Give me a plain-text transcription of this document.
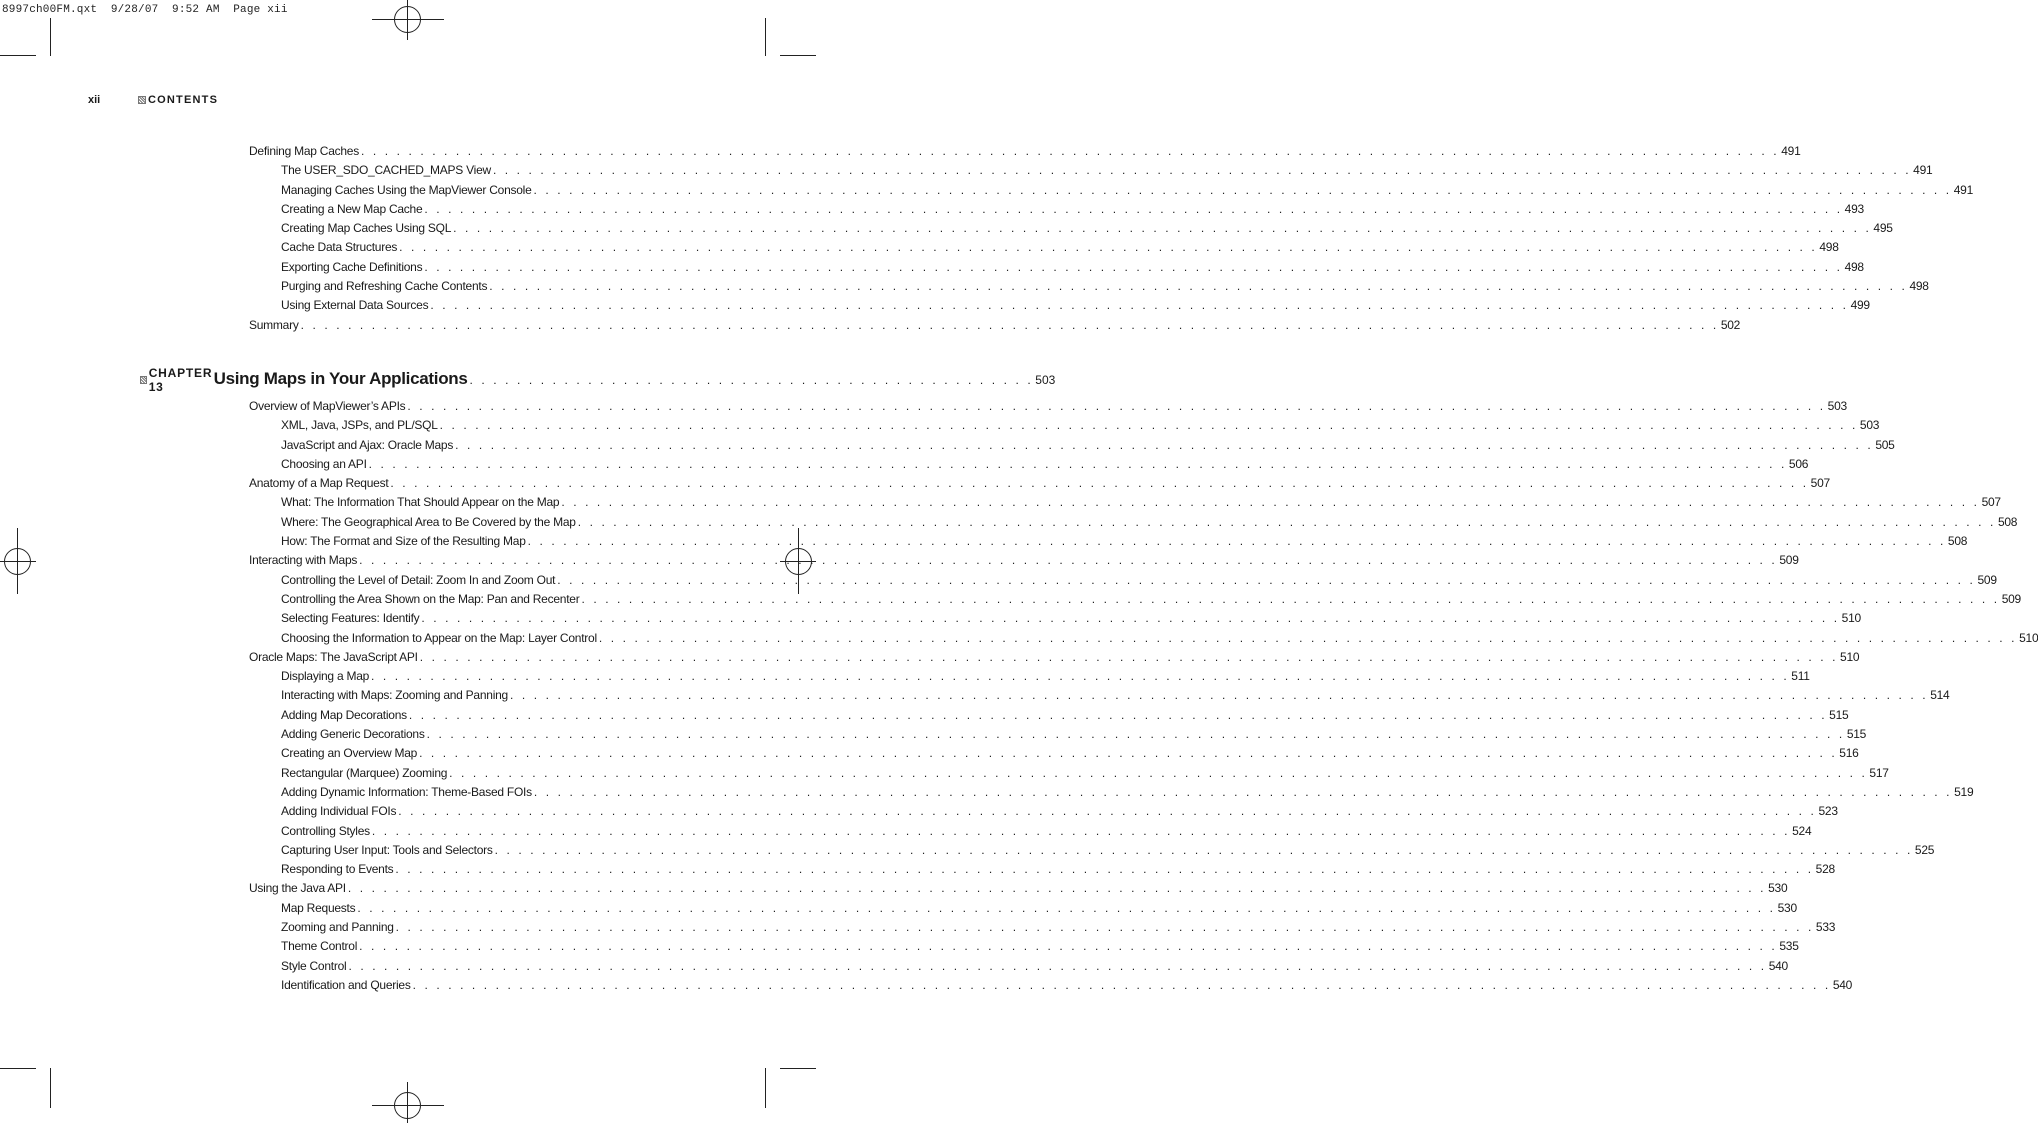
8997ch00FM.qxt  9/28/07  9:52 AM  Page xii
xii	CONTENTS
Defining Map Caches . . . . . . . . . . . . . . . . . . . . . . . . . . . . . . . . . . . . . . . . . . . . . . . . . . . . . . . . . . . . . . . . . . . . . . . . . . . . . . . . . . . . . . . . . . . . . . . . . . . . . . . . . . . . . . . . . . . . . . . . 491
The USER_SDO_CACHED_MAPS View . . . . . . . . . . . . . . . . . . . . . . . . . . . . . . . . . . . . . . . . . . . . . . . . . . . . . . . . . . . . . . . . . . . . . . . . . . . . . . . . . . . . . . . . . . . . . . . . . . . . . . . . . . . . . . . . . . . . . . . . 491
Managing Caches Using the MapViewer Console . . . . . . . . . . . . . . . . . . . . . . . . . . . . . . . . . . . . . . . . . . . . . . . . . . . . . . . . . . . . . . . . . . . . . . . . . . . . . . . . . . . . . . . . . . . . . . . . . . . . . . . . . . . . . . . . . . . . . . . . 491
Creating a New Map Cache . . . . . . . . . . . . . . . . . . . . . . . . . . . . . . . . . . . . . . . . . . . . . . . . . . . . . . . . . . . . . . . . . . . . . . . . . . . . . . . . . . . . . . . . . . . . . . . . . . . . . . . . . . . . . . . . . . . . . . . . 493
Creating Map Caches Using SQL . . . . . . . . . . . . . . . . . . . . . . . . . . . . . . . . . . . . . . . . . . . . . . . . . . . . . . . . . . . . . . . . . . . . . . . . . . . . . . . . . . . . . . . . . . . . . . . . . . . . . . . . . . . . . . . . . . . . . . . . 495
Cache Data Structures . . . . . . . . . . . . . . . . . . . . . . . . . . . . . . . . . . . . . . . . . . . . . . . . . . . . . . . . . . . . . . . . . . . . . . . . . . . . . . . . . . . . . . . . . . . . . . . . . . . . . . . . . . . . . . . . . . . . . . . . 498
Exporting Cache Definitions . . . . . . . . . . . . . . . . . . . . . . . . . . . . . . . . . . . . . . . . . . . . . . . . . . . . . . . . . . . . . . . . . . . . . . . . . . . . . . . . . . . . . . . . . . . . . . . . . . . . . . . . . . . . . . . . . . . . . . . . 498
Purging and Refreshing Cache Contents . . . . . . . . . . . . . . . . . . . . . . . . . . . . . . . . . . . . . . . . . . . . . . . . . . . . . . . . . . . . . . . . . . . . . . . . . . . . . . . . . . . . . . . . . . . . . . . . . . . . . . . . . . . . . . . . . . . . . . . . 498
Using External Data Sources . . . . . . . . . . . . . . . . . . . . . . . . . . . . . . . . . . . . . . . . . . . . . . . . . . . . . . . . . . . . . . . . . . . . . . . . . . . . . . . . . . . . . . . . . . . . . . . . . . . . . . . . . . . . . . . . . . . . . . . . 499
Summary . . . . . . . . . . . . . . . . . . . . . . . . . . . . . . . . . . . . . . . . . . . . . . . . . . . . . . . . . . . . . . . . . . . . . . . . . . . . . . . . . . . . . . . . . . . . . . . . . . . . . . . . . . . . . . . . . . . . . . . . 502
CHAPTER 13	Using Maps in Your Applications . . . . . . . . . . . . . . . . . . . . . . . . . . . . . . . . . . . . . . . . . . . . . . . . 503
Overview of MapViewer’s APIs . . . . . . . . . . . . . . . . . . . . . . . . . . . . . . . . . . . . . . . . . . . . . . . . . . . . . . . . . . . . . . . . . . . . . . . . . . . . . . . . . . . . . . . . . . . . . . . . . . . . . . . . . . . . . . . . . . . . . . . . 503
XML, Java, JSPs, and PL/SQL . . . . . . . . . . . . . . . . . . . . . . . . . . . . . . . . . . . . . . . . . . . . . . . . . . . . . . . . . . . . . . . . . . . . . . . . . . . . . . . . . . . . . . . . . . . . . . . . . . . . . . . . . . . . . . . . . . . . . . . . 503
JavaScript and Ajax: Oracle Maps . . . . . . . . . . . . . . . . . . . . . . . . . . . . . . . . . . . . . . . . . . . . . . . . . . . . . . . . . . . . . . . . . . . . . . . . . . . . . . . . . . . . . . . . . . . . . . . . . . . . . . . . . . . . . . . . . . . . . . . . 505
Choosing an API . . . . . . . . . . . . . . . . . . . . . . . . . . . . . . . . . . . . . . . . . . . . . . . . . . . . . . . . . . . . . . . . . . . . . . . . . . . . . . . . . . . . . . . . . . . . . . . . . . . . . . . . . . . . . . . . . . . . . . . . 506
Anatomy of a Map Request . . . . . . . . . . . . . . . . . . . . . . . . . . . . . . . . . . . . . . . . . . . . . . . . . . . . . . . . . . . . . . . . . . . . . . . . . . . . . . . . . . . . . . . . . . . . . . . . . . . . . . . . . . . . . . . . . . . . . . . . 507
What: The Information That Should Appear on the Map . . . . . . . . . . . . . . . . . . . . . . . . . . . . . . . . . . . . . . . . . . . . . . . . . . . . . . . . . . . . . . . . . . . . . . . . . . . . . . . . . . . . . . . . . . . . . . . . . . . . . . . . . . . . . . . . . . . . . . . . 507
Where: The Geographical Area to Be Covered by the Map . . . . . . . . . . . . . . . . . . . . . . . . . . . . . . . . . . . . . . . . . . . . . . . . . . . . . . . . . . . . . . . . . . . . . . . . . . . . . . . . . . . . . . . . . . . . . . . . . . . . . . . . . . . . . . . . . . . . . . . . 508
How: The Format and Size of the Resulting Map . . . . . . . . . . . . . . . . . . . . . . . . . . . . . . . . . . . . . . . . . . . . . . . . . . . . . . . . . . . . . . . . . . . . . . . . . . . . . . . . . . . . . . . . . . . . . . . . . . . . . . . . . . . . . . . . . . . . . . . . 508
Interacting with Maps . . . . . . . . . . . . . . . . . . . . . . . . . . . . . . . . . . . . . . . . . . . . . . . . . . . . . . . . . . . . . . . . . . . . . . . . . . . . . . . . . . . . . . . . . . . . . . . . . . . . . . . . . . . . . . . . . . . . . . . . 509
Controlling the Level of Detail: Zoom In and Zoom Out . . . . . . . . . . . . . . . . . . . . . . . . . . . . . . . . . . . . . . . . . . . . . . . . . . . . . . . . . . . . . . . . . . . . . . . . . . . . . . . . . . . . . . . . . . . . . . . . . . . . . . . . . . . . . . . . . . . . . . . . 509
Controlling the Area Shown on the Map: Pan and Recenter . . . . . . . . . . . . . . . . . . . . . . . . . . . . . . . . . . . . . . . . . . . . . . . . . . . . . . . . . . . . . . . . . . . . . . . . . . . . . . . . . . . . . . . . . . . . . . . . . . . . . . . . . . . . . . . . . . . . . . . . 509
Selecting Features: Identify . . . . . . . . . . . . . . . . . . . . . . . . . . . . . . . . . . . . . . . . . . . . . . . . . . . . . . . . . . . . . . . . . . . . . . . . . . . . . . . . . . . . . . . . . . . . . . . . . . . . . . . . . . . . . . . . . . . . . . . . 510
Choosing the Information to Appear on the Map: Layer Control . . . . . . . . . . . . . . . . . . . . . . . . . . . . . . . . . . . . . . . . . . . . . . . . . . . . . . . . . . . . . . . . . . . . . . . . . . . . . . . . . . . . . . . . . . . . . . . . . . . . . . . . . . . . . . . . . . . . . . . . 510
Oracle Maps: The JavaScript API . . . . . . . . . . . . . . . . . . . . . . . . . . . . . . . . . . . . . . . . . . . . . . . . . . . . . . . . . . . . . . . . . . . . . . . . . . . . . . . . . . . . . . . . . . . . . . . . . . . . . . . . . . . . . . . . . . . . . . . . 510
Displaying a Map . . . . . . . . . . . . . . . . . . . . . . . . . . . . . . . . . . . . . . . . . . . . . . . . . . . . . . . . . . . . . . . . . . . . . . . . . . . . . . . . . . . . . . . . . . . . . . . . . . . . . . . . . . . . . . . . . . . . . . . . 511
Interacting with Maps: Zooming and Panning . . . . . . . . . . . . . . . . . . . . . . . . . . . . . . . . . . . . . . . . . . . . . . . . . . . . . . . . . . . . . . . . . . . . . . . . . . . . . . . . . . . . . . . . . . . . . . . . . . . . . . . . . . . . . . . . . . . . . . . . 514
Adding Map Decorations . . . . . . . . . . . . . . . . . . . . . . . . . . . . . . . . . . . . . . . . . . . . . . . . . . . . . . . . . . . . . . . . . . . . . . . . . . . . . . . . . . . . . . . . . . . . . . . . . . . . . . . . . . . . . . . . . . . . . . . . 515
Adding Generic Decorations . . . . . . . . . . . . . . . . . . . . . . . . . . . . . . . . . . . . . . . . . . . . . . . . . . . . . . . . . . . . . . . . . . . . . . . . . . . . . . . . . . . . . . . . . . . . . . . . . . . . . . . . . . . . . . . . . . . . . . . . 515
Creating an Overview Map . . . . . . . . . . . . . . . . . . . . . . . . . . . . . . . . . . . . . . . . . . . . . . . . . . . . . . . . . . . . . . . . . . . . . . . . . . . . . . . . . . . . . . . . . . . . . . . . . . . . . . . . . . . . . . . . . . . . . . . . 516
Rectangular (Marquee) Zooming . . . . . . . . . . . . . . . . . . . . . . . . . . . . . . . . . . . . . . . . . . . . . . . . . . . . . . . . . . . . . . . . . . . . . . . . . . . . . . . . . . . . . . . . . . . . . . . . . . . . . . . . . . . . . . . . . . . . . . . . 517
Adding Dynamic Information: Theme-Based FOIs . . . . . . . . . . . . . . . . . . . . . . . . . . . . . . . . . . . . . . . . . . . . . . . . . . . . . . . . . . . . . . . . . . . . . . . . . . . . . . . . . . . . . . . . . . . . . . . . . . . . . . . . . . . . . . . . . . . . . . . . 519
Adding Individual FOIs . . . . . . . . . . . . . . . . . . . . . . . . . . . . . . . . . . . . . . . . . . . . . . . . . . . . . . . . . . . . . . . . . . . . . . . . . . . . . . . . . . . . . . . . . . . . . . . . . . . . . . . . . . . . . . . . . . . . . . . . 523
Controlling Styles . . . . . . . . . . . . . . . . . . . . . . . . . . . . . . . . . . . . . . . . . . . . . . . . . . . . . . . . . . . . . . . . . . . . . . . . . . . . . . . . . . . . . . . . . . . . . . . . . . . . . . . . . . . . . . . . . . . . . . . . 524
Capturing User Input: Tools and Selectors . . . . . . . . . . . . . . . . . . . . . . . . . . . . . . . . . . . . . . . . . . . . . . . . . . . . . . . . . . . . . . . . . . . . . . . . . . . . . . . . . . . . . . . . . . . . . . . . . . . . . . . . . . . . . . . . . . . . . . . . 525
Responding to Events . . . . . . . . . . . . . . . . . . . . . . . . . . . . . . . . . . . . . . . . . . . . . . . . . . . . . . . . . . . . . . . . . . . . . . . . . . . . . . . . . . . . . . . . . . . . . . . . . . . . . . . . . . . . . . . . . . . . . . . . 528
Using the Java API . . . . . . . . . . . . . . . . . . . . . . . . . . . . . . . . . . . . . . . . . . . . . . . . . . . . . . . . . . . . . . . . . . . . . . . . . . . . . . . . . . . . . . . . . . . . . . . . . . . . . . . . . . . . . . . . . . . . . . . . 530
Map Requests . . . . . . . . . . . . . . . . . . . . . . . . . . . . . . . . . . . . . . . . . . . . . . . . . . . . . . . . . . . . . . . . . . . . . . . . . . . . . . . . . . . . . . . . . . . . . . . . . . . . . . . . . . . . . . . . . . . . . . . . 530
Zooming and Panning . . . . . . . . . . . . . . . . . . . . . . . . . . . . . . . . . . . . . . . . . . . . . . . . . . . . . . . . . . . . . . . . . . . . . . . . . . . . . . . . . . . . . . . . . . . . . . . . . . . . . . . . . . . . . . . . . . . . . . . . 533
Theme Control . . . . . . . . . . . . . . . . . . . . . . . . . . . . . . . . . . . . . . . . . . . . . . . . . . . . . . . . . . . . . . . . . . . . . . . . . . . . . . . . . . . . . . . . . . . . . . . . . . . . . . . . . . . . . . . . . . . . . . . . 535
Style Control . . . . . . . . . . . . . . . . . . . . . . . . . . . . . . . . . . . . . . . . . . . . . . . . . . . . . . . . . . . . . . . . . . . . . . . . . . . . . . . . . . . . . . . . . . . . . . . . . . . . . . . . . . . . . . . . . . . . . . . . 540
Identification and Queries . . . . . . . . . . . . . . . . . . . . . . . . . . . . . . . . . . . . . . . . . . . . . . . . . . . . . . . . . . . . . . . . . . . . . . . . . . . . . . . . . . . . . . . . . . . . . . . . . . . . . . . . . . . . . . . . . . . . . . . . 540
